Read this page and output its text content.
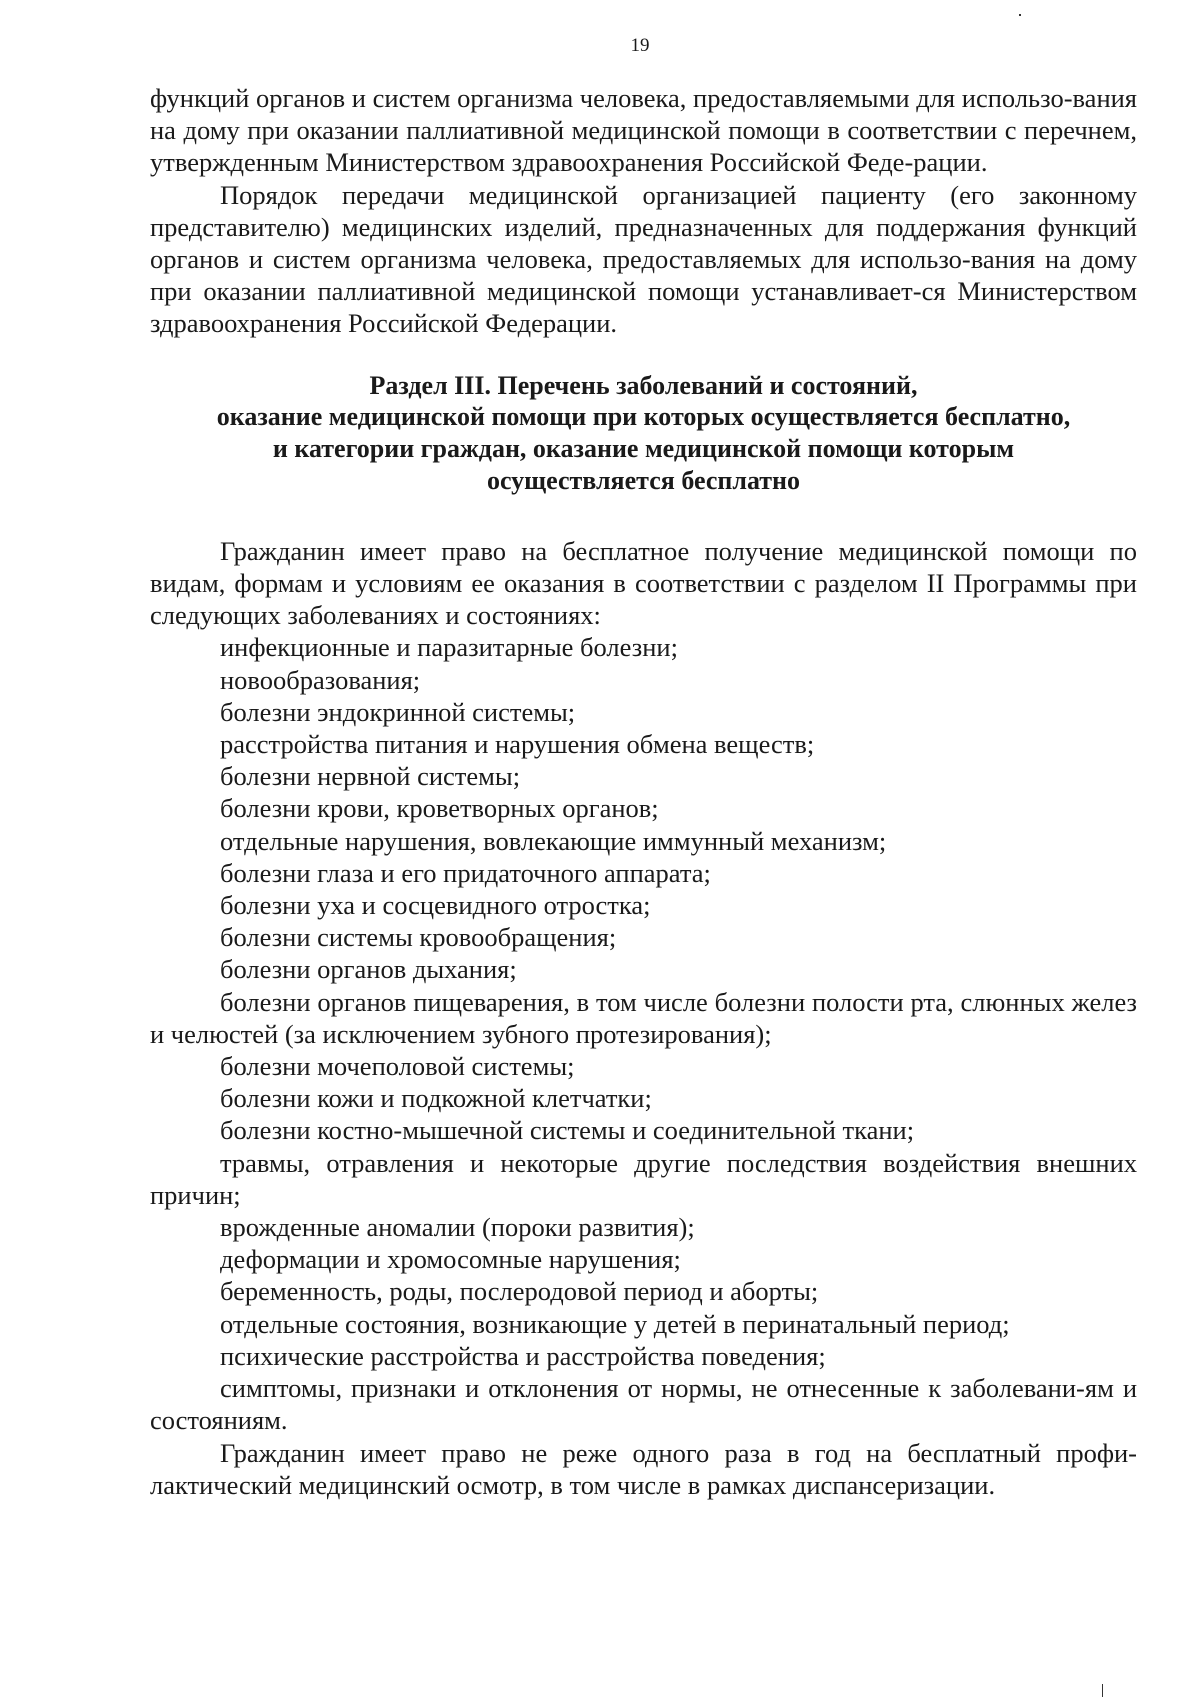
19

функций органов и систем организма человека, предоставляемыми для использо-вания на дому при оказании паллиативной медицинской помощи в соответствии с перечнем, утвержденным Министерством здравоохранения Российской Феде-рации.

Порядок передачи медицинской организацией пациенту (его законному представителю) медицинских изделий, предназначенных для поддержания функций органов и систем организма человека, предоставляемых для использо-вания на дому при оказании паллиативной медицинской помощи устанавливает-ся Министерством здравоохранения Российской Федерации.

Раздел III. Перечень заболеваний и состояний,
оказание медицинской помощи при которых осуществляется бесплатно,
и категории граждан, оказание медицинской помощи которым
осуществляется бесплатно

Гражданин имеет право на бесплатное получение медицинской помощи по видам, формам и условиям ее оказания в соответствии с разделом II Программы при следующих заболеваниях и состояниях:

инфекционные и паразитарные болезни;

новообразования;

болезни эндокринной системы;

расстройства питания и нарушения обмена веществ;

болезни нервной системы;

болезни крови, кроветворных органов;

отдельные нарушения, вовлекающие иммунный механизм;

болезни глаза и его придаточного аппарата;

болезни уха и сосцевидного отростка;

болезни системы кровообращения;

болезни органов дыхания;

болезни органов пищеварения, в том числе болезни полости рта, слюнных желез и челюстей (за исключением зубного протезирования);

болезни мочеполовой системы;

болезни кожи и подкожной клетчатки;

болезни костно-мышечной системы и соединительной ткани;

травмы, отравления и некоторые другие последствия воздействия внешних причин;

врожденные аномалии (пороки развития);

деформации и хромосомные нарушения;

беременность, роды, послеродовой период и аборты;

отдельные состояния, возникающие у детей в перинатальный период;

психические расстройства и расстройства поведения;

симптомы, признаки и отклонения от нормы, не отнесенные к заболевани-ям и состояниям.

Гражданин имеет право не реже одного раза в год на бесплатный профи-лактический медицинский осмотр, в том числе в рамках диспансеризации.
